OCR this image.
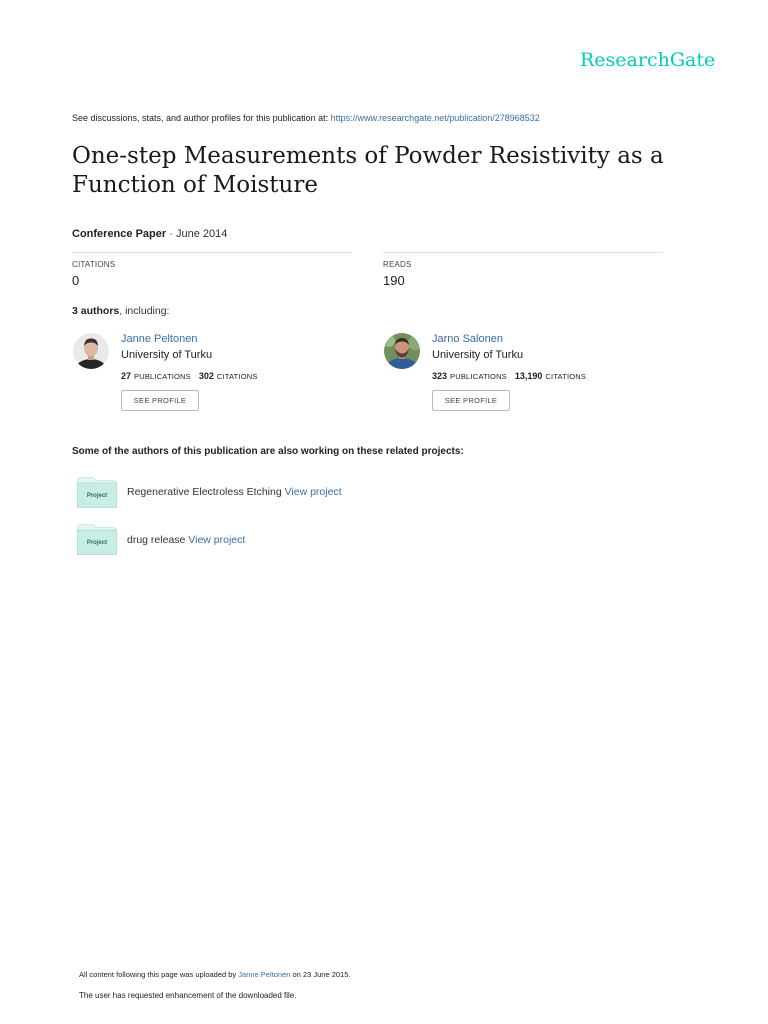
ResearchGate
See discussions, stats, and author profiles for this publication at: https://www.researchgate.net/publication/278968532
One-step Measurements of Powder Resistivity as a Function of Moisture
Conference Paper · June 2014
CITATIONS
0
READS
190
3 authors, including:
Janne Peltonen
University of Turku
27 PUBLICATIONS 302 CITATIONS
SEE PROFILE
Jarno Salonen
University of Turku
323 PUBLICATIONS 13,190 CITATIONS
SEE PROFILE
Some of the authors of this publication are also working on these related projects:
Project Regenerative Electroless Etching View project
Project drug release View project
All content following this page was uploaded by Janne Peltonen on 23 June 2015.
The user has requested enhancement of the downloaded file.
